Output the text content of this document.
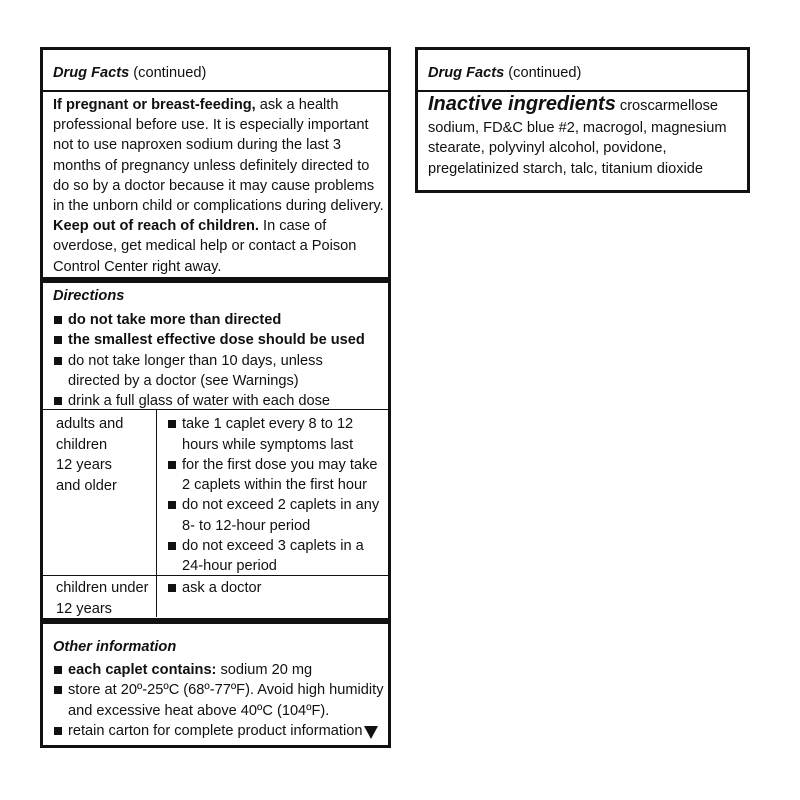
Drug Facts (continued)
If pregnant or breast-feeding, ask a health
professional before use. It is especially important
not to use naproxen sodium during the last 3
months of pregnancy unless definitely directed to
do so by a doctor because it may cause problems
in the unborn child or complications during delivery.
Keep out of reach of children. In case of
overdose, get medical help or contact a Poison
Control Center right away.
Directions
do not take more than directed
the smallest effective dose should be used
do not take longer than 10 days, unless
directed by a doctor (see Warnings)
drink a full glass of water with each dose
adults and
children
12 years
and older
take 1 caplet every 8 to 12
hours while symptoms last
for the first dose you may take
2 caplets within the first hour
do not exceed 2 caplets in any
8- to 12-hour period
do not exceed 3 caplets in a
24-hour period
children under
12 years
ask a doctor
Other information
each caplet contains: sodium 20 mg
store at 20º-25ºC (68º-77ºF). Avoid high humidity
and excessive heat above 40ºC (104ºF).
retain carton for complete product information
Drug Facts (continued)
Inactive ingredients croscarmellose
sodium, FD&C blue #2, macrogol, magnesium
stearate, polyvinyl alcohol, povidone,
pregelatinized starch, talc, titanium dioxide
